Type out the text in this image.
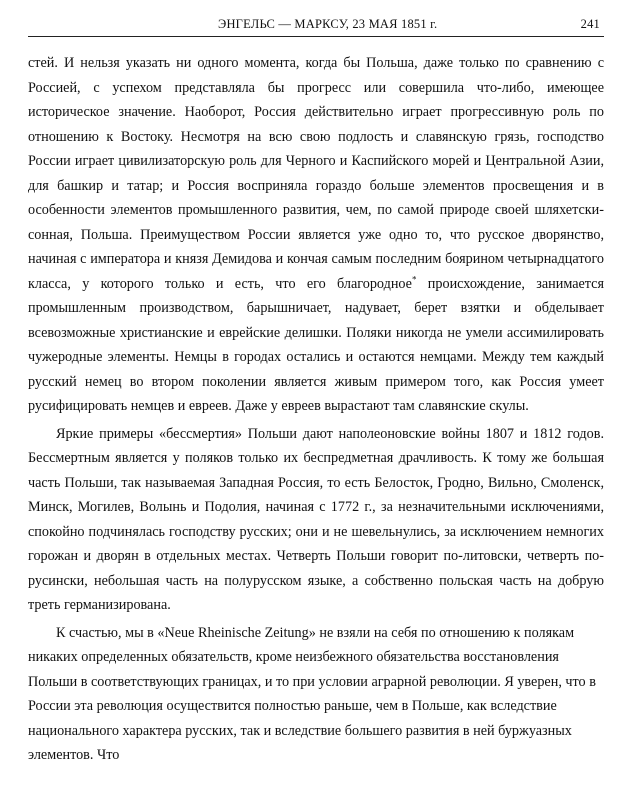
ЭНГЕЛЬС — МАРКСУ, 23 МАЯ 1851 г.	241

стей. И нельзя указать ни одного момента, когда бы Польша, даже только по сравнению с Россией, с успехом представляла бы прогресс или совершила что-либо, имеющее историческое значение. Наоборот, Россия действительно играет прогрессивную роль по отношению к Востоку. Несмотря на всю свою подлость и славянскую грязь, господство России играет цивилизаторскую роль для Черного и Каспийского морей и Центральной Азии, для башкир и татар; и Россия восприняла гораздо больше элементов просвещения и в особенности элементов промышленного развития, чем, по самой природе своей шляхетски-сонная, Польша. Преимуществом России является уже одно то, что русское дворянство, начиная с императора и князя Демидова и кончая самым последним боярином четырнадцатого класса, у которого только и есть, что его благородное* происхождение, занимается промышленным производством, барышничает, надувает, берет взятки и обделывает всевозможные христианские и еврейские делишки. Поляки никогда не умели ассимилировать чужеродные элементы. Немцы в городах остались и остаются немцами. Между тем каждый русский немец во втором поколении является живым примером того, как Россия умеет русифицировать немцев и евреев. Даже у евреев вырастают там славянские скулы.

Яркие примеры «бессмертия» Польши дают наполеоновские войны 1807 и 1812 годов. Бессмертным является у поляков только их беспредметная драчливость. К тому же большая часть Польши, так называемая Западная Россия, то есть Белосток, Гродно, Вильно, Смоленск, Минск, Могилев, Волынь и Подолия, начиная с 1772 г., за незначительными исключениями, спокойно подчинялась господству русских; они и не шевельнулись, за исключением немногих горожан и дворян в отдельных местах. Четверть Польши говорит по-литовски, четверть по-русински, небольшая часть на полурусском языке, а собственно польская часть на добрую треть германизирована.

К счастью, мы в «Neue Rheinische Zeitung» не взяли на себя по отношению к полякам никаких определенных обязательств, кроме неизбежного обязательства восстановления Польши в соответствующих границах, и то при условии аграрной революции. Я уверен, что в России эта революция осуществится полностью раньше, чем в Польше, как вследствие национального характера русских, так и вследствие большего развития в ней буржуазных элементов. Что
